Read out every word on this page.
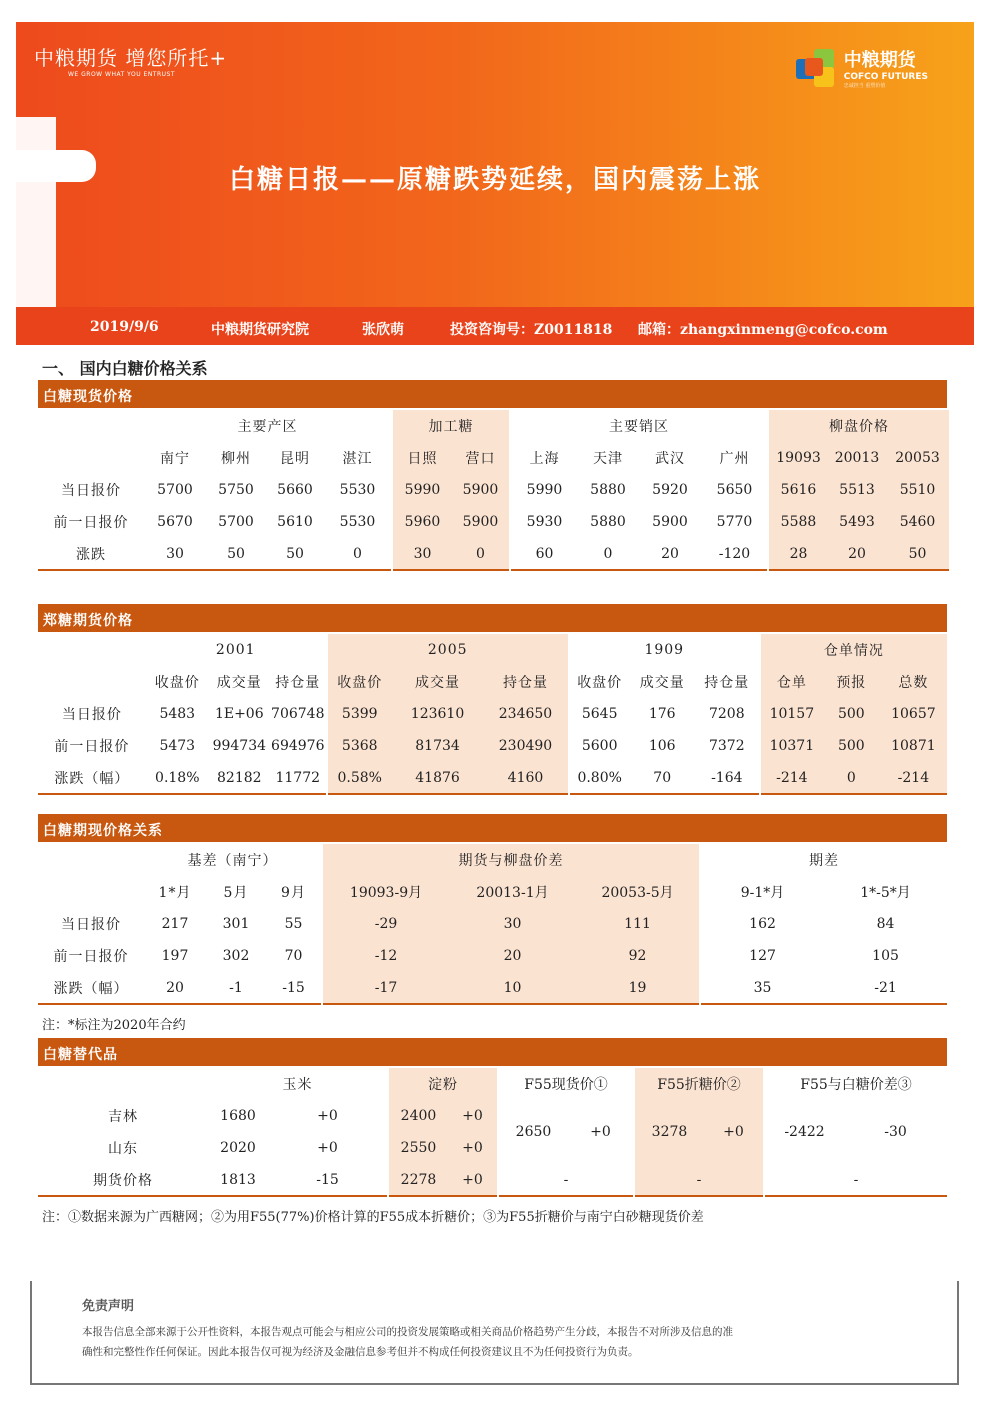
中粮期货 增您所托+
WE GROW WHAT YOU ENTRUST
中粮期货
COFCO FUTURES
忠诚担当 重塑价值
白糖日报——原糖跌势延续，国内震荡上涨
2019/9/6	中粮期货研究院	张欣萌	投资咨询号：Z0011818 邮箱：zhangxinmeng@cofco.com
一、 国内白糖价格关系
白糖现货价格
	主要产区				加工糖		主要销区				柳盘价格		
	南宁	柳州	昆明	湛江	日照	营口	上海	天津	武汉	广州	19093	20013	20053
当日报价	5700	5750	5660	5530	5990	5900	5990	5880	5920	5650	5616	5513	5510
前一日报价	5670	5700	5610	5530	5960	5900	5930	5880	5900	5770	5588	5493	5460
涨跌	30	50	50	0	30	0	60	0	20	-120	28	20	50
郑糖期货价格
	2001			2005			1909			仓单情况		
	收盘价	成交量	持仓量	收盘价	成交量	持仓量	收盘价	成交量	持仓量	仓单	预报	总数
当日报价	5483	1E+06	706748	5399	123610	234650	5645	176	7208	10157	500	10657
前一日报价	5473	994734	694976	5368	81734	230490	5600	106	7372	10371	500	10871
涨跌（幅）	0.18%	82182	11772	0.58%	41876	4160	0.80%	70	-164	-214	0	-214
白糖期现价格关系
	基差（南宁）			期货与柳盘价差			期差	
	1*月	5月	9月	19093-9月	20013-1月	20053-5月	9-1*月	1*-5*月
当日报价	217	301	55	-29	30	111	162	84
前一日报价	197	302	70	-12	20	92	127	105
涨跌（幅）	20	-1	-15	-17	10	19	35	-21
注：*标注为2020年合约
白糖替代品
	玉米		淀粉		F55现货价①		F55折糖价②		F55与白糖价差③	
吉林	1680	+0	2400	+0	2650	+0	3278	+0	-2422	-30
山东	2020	+0	2550	+0						
期货价格	1813	-15	2278	+0	-		-		-	
注：①数据来源为广西糖网；②为用F55(77%)价格计算的F55成本折糖价；③为F55折糖价与南宁白砂糖现货价差
免责声明
本报告信息全部来源于公开性资料，本报告观点可能会与相应公司的投资发展策略或相关商品价格趋势产生分歧，本报告不对所涉及信息的准
确性和完整性作任何保证。因此本报告仅可视为经济及金融信息参考但并不构成任何投资建议且不为任何投资行为负责。
